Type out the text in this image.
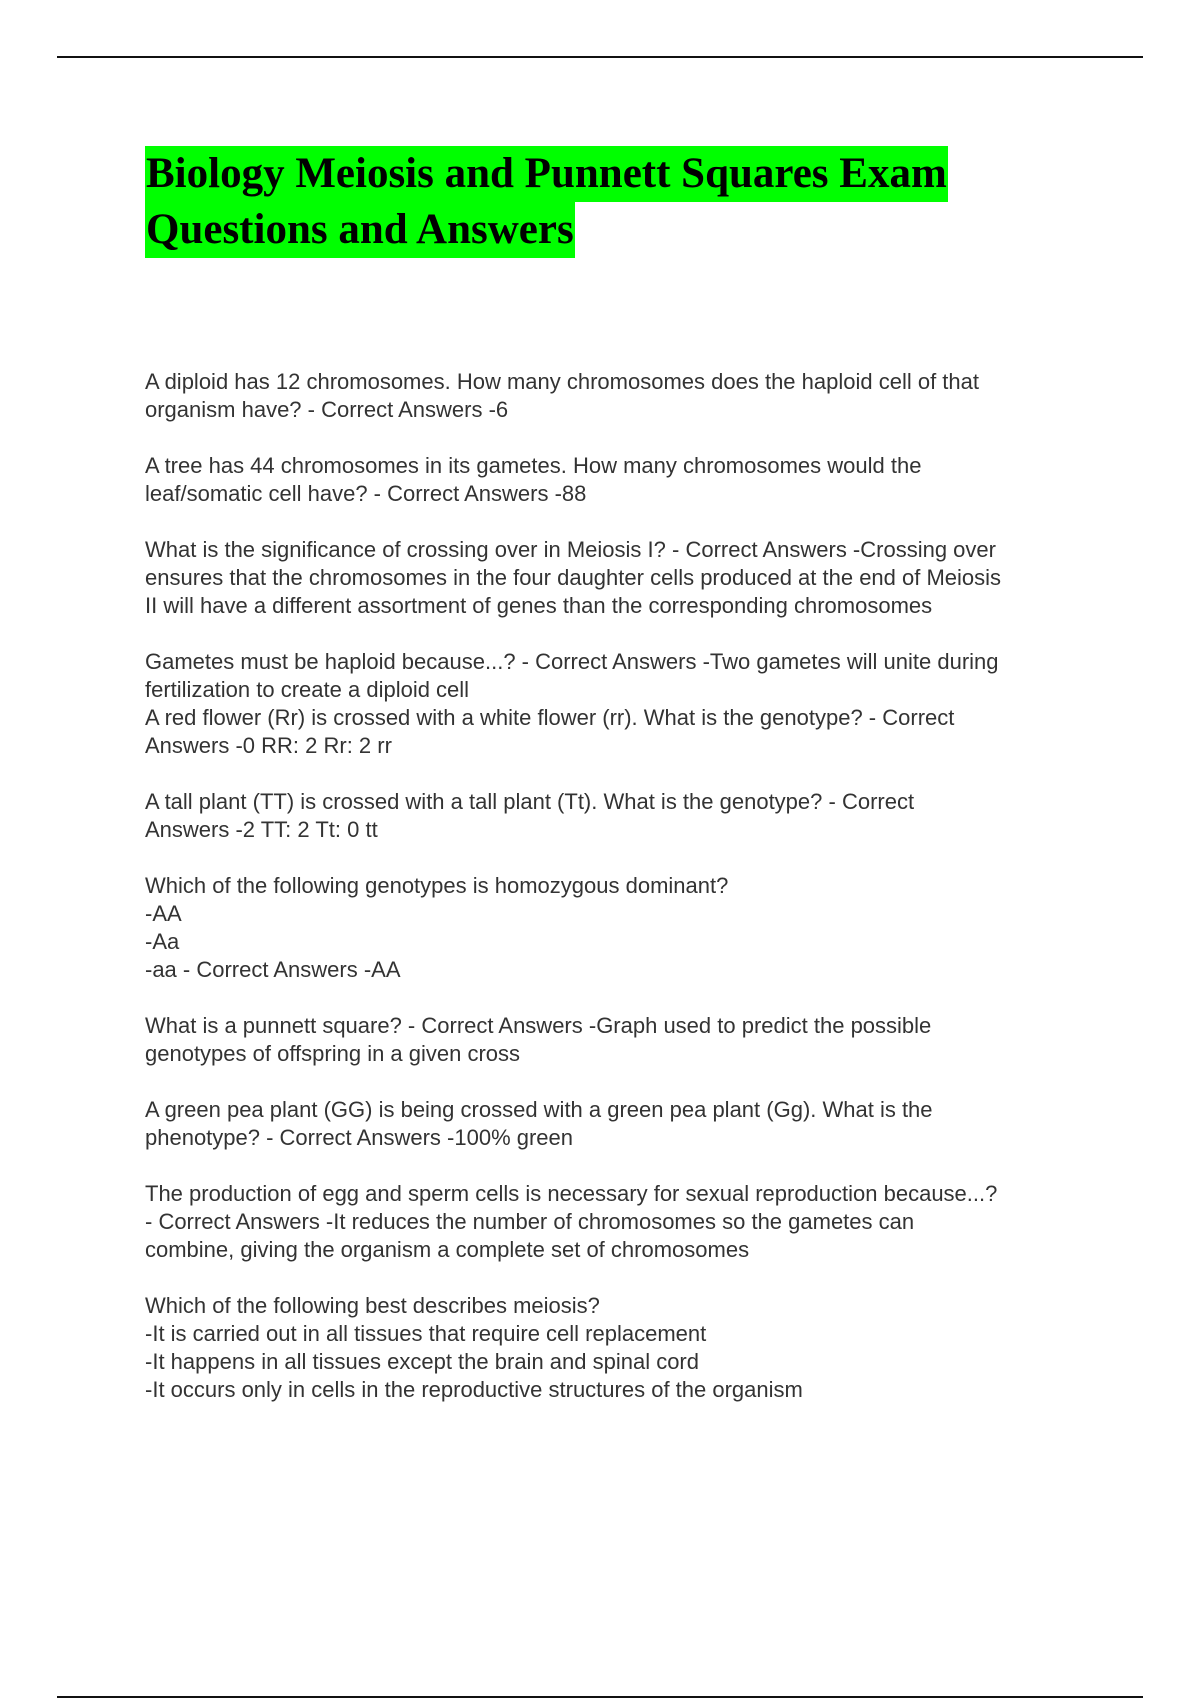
Biology Meiosis and Punnett Squares Exam
Questions and Answers

A diploid has 12 chromosomes. How many chromosomes does the haploid cell of that
organism have? - Correct Answers -6

A tree has 44 chromosomes in its gametes. How many chromosomes would the
leaf/somatic cell have? - Correct Answers -88

What is the significance of crossing over in Meiosis I? - Correct Answers -Crossing over
ensures that the chromosomes in the four daughter cells produced at the end of Meiosis
II will have a different assortment of genes than the corresponding chromosomes

Gametes must be haploid because...? - Correct Answers -Two gametes will unite during
fertilization to create a diploid cell

A red flower (Rr) is crossed with a white flower (rr). What is the genotype? - Correct
Answers -0 RR: 2 Rr: 2 rr

A tall plant (TT) is crossed with a tall plant (Tt). What is the genotype? - Correct
Answers -2 TT: 2 Tt: 0 tt

Which of the following genotypes is homozygous dominant?
-AA
-Aa
-aa - Correct Answers -AA

What is a punnett square? - Correct Answers -Graph used to predict the possible
genotypes of offspring in a given cross

A green pea plant (GG) is being crossed with a green pea plant (Gg). What is the
phenotype? - Correct Answers -100% green

The production of egg and sperm cells is necessary for sexual reproduction because...?
- Correct Answers -It reduces the number of chromosomes so the gametes can
combine, giving the organism a complete set of chromosomes

Which of the following best describes meiosis?
-It is carried out in all tissues that require cell replacement
-It happens in all tissues except the brain and spinal cord
-It occurs only in cells in the reproductive structures of the organism
